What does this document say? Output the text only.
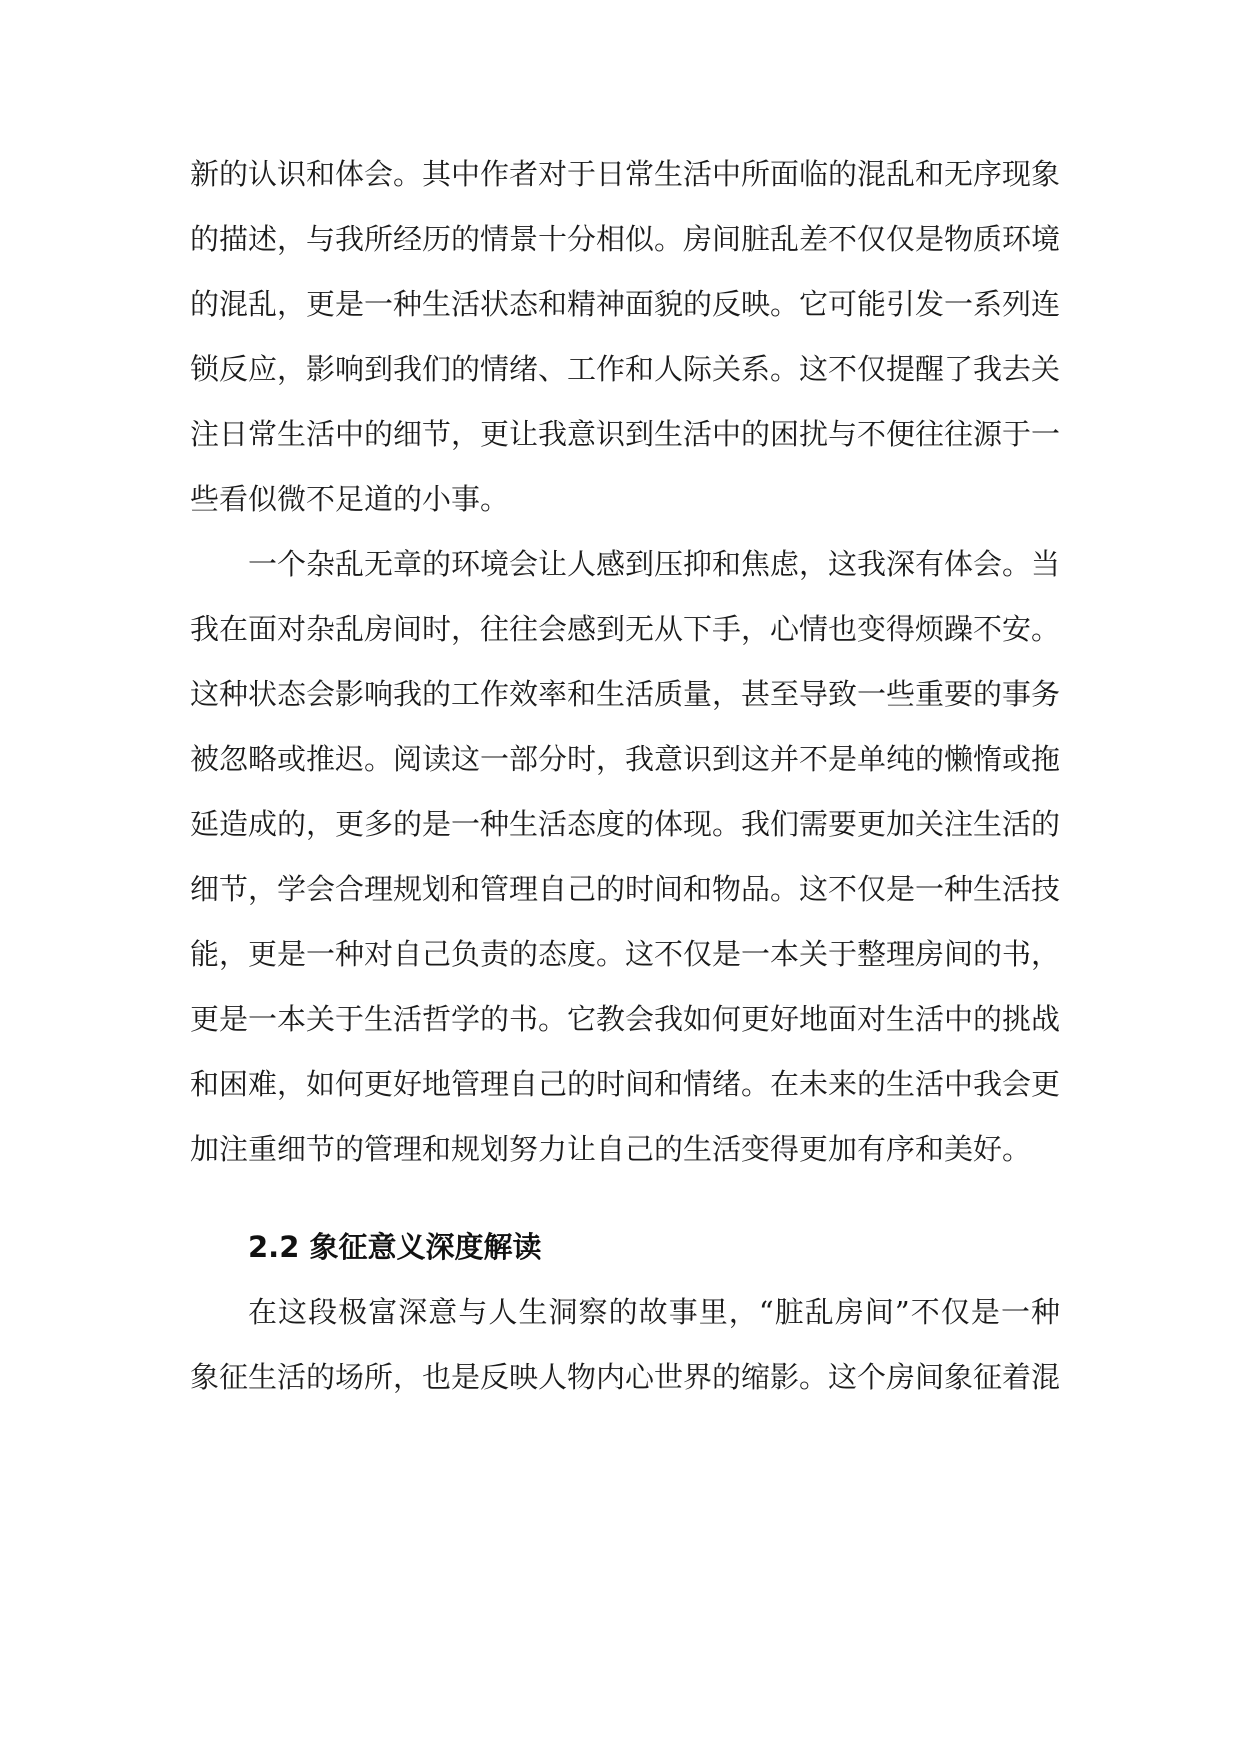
新的认识和体会。其中作者对于日常生活中所面临的混乱和无序现象
的描述，与我所经历的情景十分相似。房间脏乱差不仅仅是物质环境
的混乱，更是一种生活状态和精神面貌的反映。它可能引发一系列连
锁反应，影响到我们的情绪、工作和人际关系。这不仅提醒了我去关
注日常生活中的细节，更让我意识到生活中的困扰与不便往往源于一
些看似微不足道的小事。
一个杂乱无章的环境会让人感到压抑和焦虑，这我深有体会。当
我在面对杂乱房间时，往往会感到无从下手，心情也变得烦躁不安。
这种状态会影响我的工作效率和生活质量，甚至导致一些重要的事务
被忽略或推迟。阅读这一部分时，我意识到这并不是单纯的懒惰或拖
延造成的，更多的是一种生活态度的体现。我们需要更加关注生活的
细节，学会合理规划和管理自己的时间和物品。这不仅是一种生活技
能，更是一种对自己负责的态度。这不仅是一本关于整理房间的书，
更是一本关于生活哲学的书。它教会我如何更好地面对生活中的挑战
和困难，如何更好地管理自己的时间和情绪。在未来的生活中我会更
加注重细节的管理和规划努力让自己的生活变得更加有序和美好。
2.2 象征意义深度解读
在这段极富深意与人生洞察的故事里，“脏乱房间”不仅是一种
象征生活的场所，也是反映人物内心世界的缩影。这个房间象征着混
